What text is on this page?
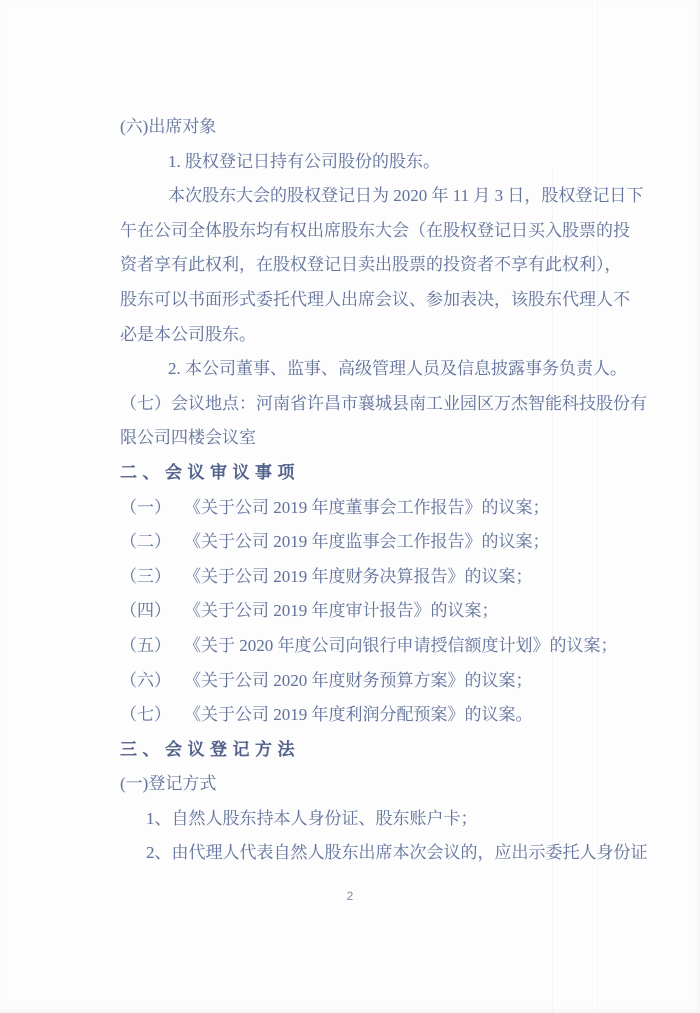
(六)出席对象
1. 股权登记日持有公司股份的股东。
本次股东大会的股权登记日为 2020 年 11 月 3 日，股权登记日下
午在公司全体股东均有权出席股东大会（在股权登记日买入股票的投
资者享有此权利，在股权登记日卖出股票的投资者不享有此权利），
股东可以书面形式委托代理人出席会议、参加表决，该股东代理人不
必是本公司股东。
2. 本公司董事、监事、高级管理人员及信息披露事务负责人。
（七）会议地点：河南省许昌市襄城县南工业园区万杰智能科技股份有
限公司四楼会议室
二、会议审议事项
（一） 《关于公司 2019 年度董事会工作报告》的议案；
（二） 《关于公司 2019 年度监事会工作报告》的议案；
（三） 《关于公司 2019 年度财务决算报告》的议案；
（四） 《关于公司 2019 年度审计报告》的议案；
（五） 《关于 2020 年度公司向银行申请授信额度计划》的议案；
（六） 《关于公司 2020 年度财务预算方案》的议案；
（七） 《关于公司 2019 年度利润分配预案》的议案。
三、会议登记方法
(一)登记方式
1、自然人股东持本人身份证、股东账户卡；
2、由代理人代表自然人股东出席本次会议的，应出示委托人身份证
2
